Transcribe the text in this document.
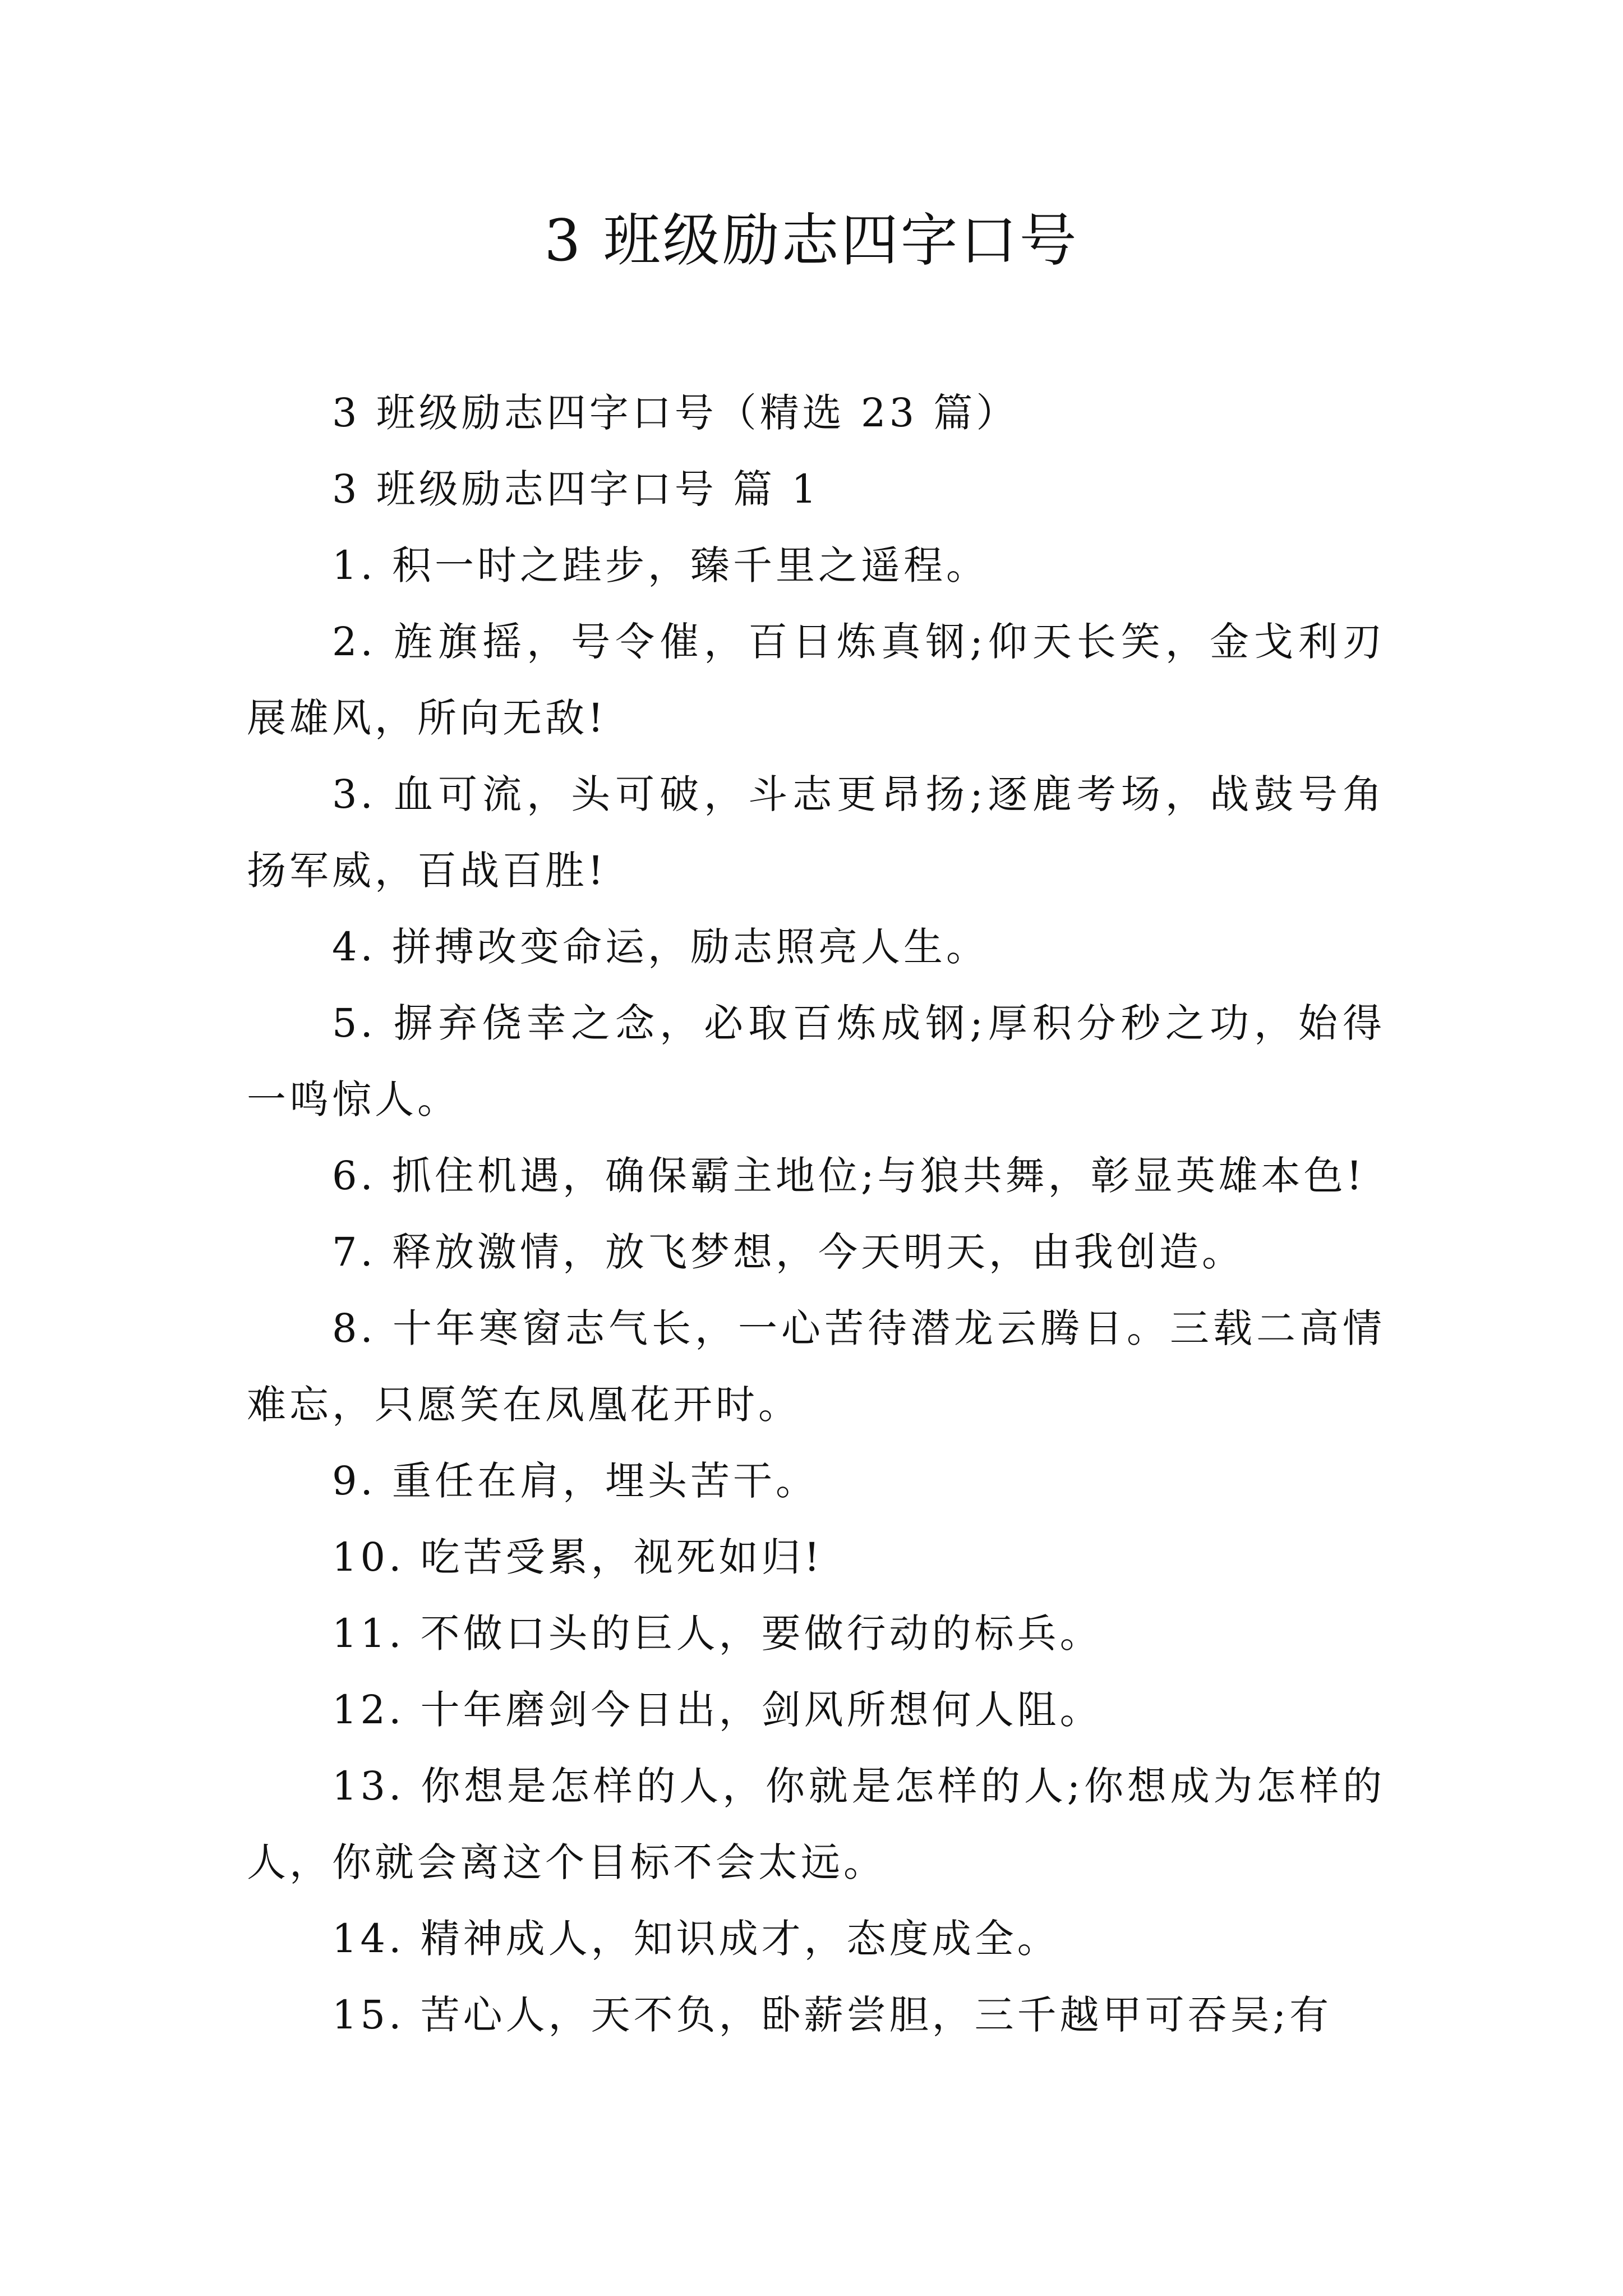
3 班级励志四字口号

3 班级励志四字口号（精选 23 篇）

3 班级励志四字口号 篇 1

1. 积一时之跬步，臻千里之遥程。

2. 旌旗摇，号令催，百日炼真钢;仰天长笑，金戈利刃展雄风，所向无敌!

3. 血可流，头可破，斗志更昂扬;逐鹿考场，战鼓号角扬军威，百战百胜!

4. 拼搏改变命运，励志照亮人生。

5. 摒弃侥幸之念，必取百炼成钢;厚积分秒之功，始得一鸣惊人。

6. 抓住机遇，确保霸主地位;与狼共舞，彰显英雄本色!

7. 释放激情，放飞梦想，今天明天，由我创造。

8. 十年寒窗志气长，一心苦待潜龙云腾日。三载二高情难忘，只愿笑在凤凰花开时。

9. 重任在肩，埋头苦干。

10. 吃苦受累，视死如归!

11. 不做口头的巨人，要做行动的标兵。

12. 十年磨剑今日出，剑风所想何人阻。

13. 你想是怎样的人，你就是怎样的人;你想成为怎样的人，你就会离这个目标不会太远。

14. 精神成人，知识成才，态度成全。

15. 苦心人，天不负，卧薪尝胆，三千越甲可吞吴;有
